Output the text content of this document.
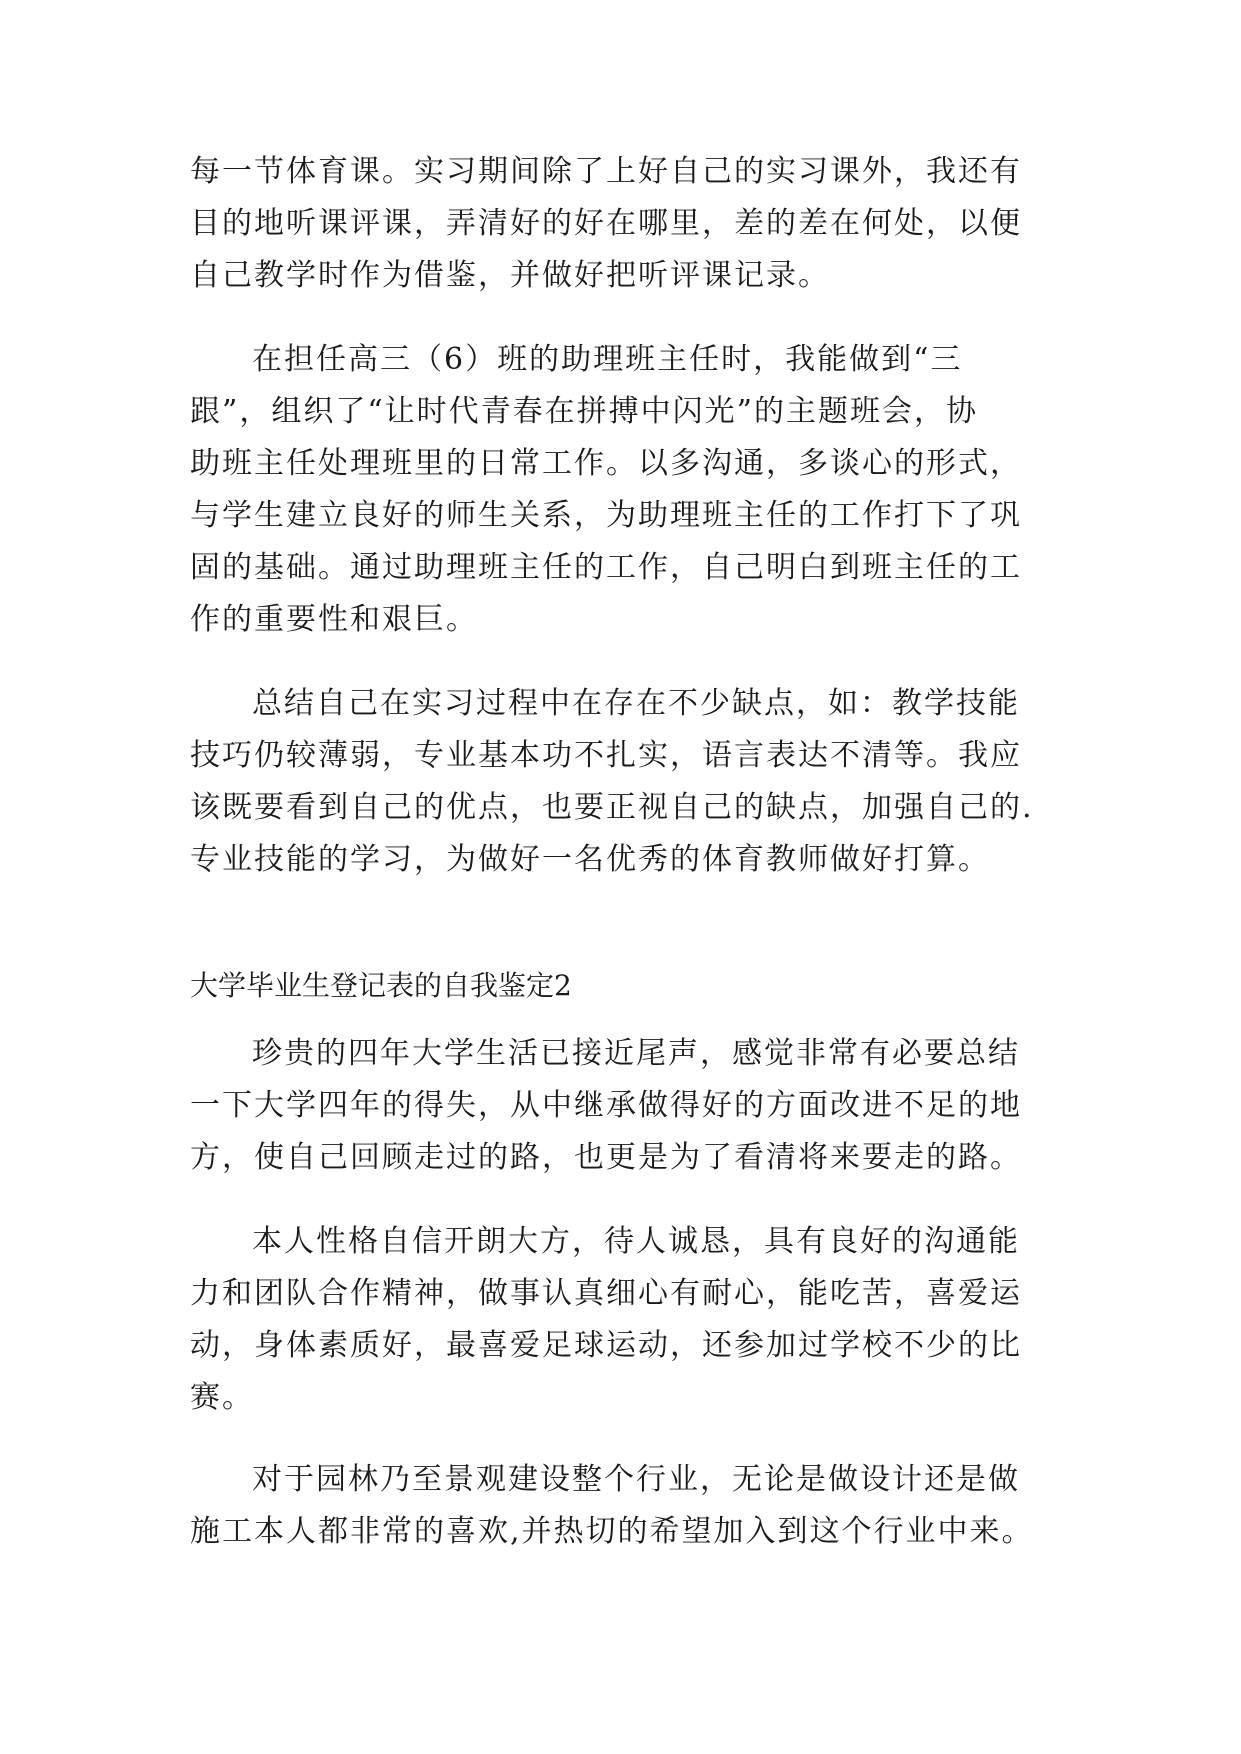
每一节体育课。实习期间除了上好自己的实习课外，我还有

目的地听课评课，弄清好的好在哪里，差的差在何处，以便

自己教学时作为借鉴，并做好把听评课记录。

在担任高三（6）班的助理班主任时，我能做到“三

跟”，组织了“让时代青春在拼搏中闪光”的主题班会，协

助班主任处理班里的日常工作。以多沟通，多谈心的形式，

与学生建立良好的师生关系，为助理班主任的工作打下了巩

固的基础。通过助理班主任的工作，自己明白到班主任的工

作的重要性和艰巨。

总结自己在实习过程中在存在不少缺点，如：教学技能

技巧仍较薄弱，专业基本功不扎实，语言表达不清等。我应

该既要看到自己的优点，也要正视自己的缺点，加强自己的.

专业技能的学习，为做好一名优秀的体育教师做好打算。

大学毕业生登记表的自我鉴定2

珍贵的四年大学生活已接近尾声，感觉非常有必要总结

一下大学四年的得失，从中继承做得好的方面改进不足的地

方，使自己回顾走过的路，也更是为了看清将来要走的路。

本人性格自信开朗大方，待人诚恳，具有良好的沟通能

力和团队合作精神，做事认真细心有耐心，能吃苦，喜爱运

动，身体素质好，最喜爱足球运动，还参加过学校不少的比

赛。

对于园林乃至景观建设整个行业，无论是做设计还是做

施工本人都非常的喜欢,并热切的希望加入到这个行业中来。
